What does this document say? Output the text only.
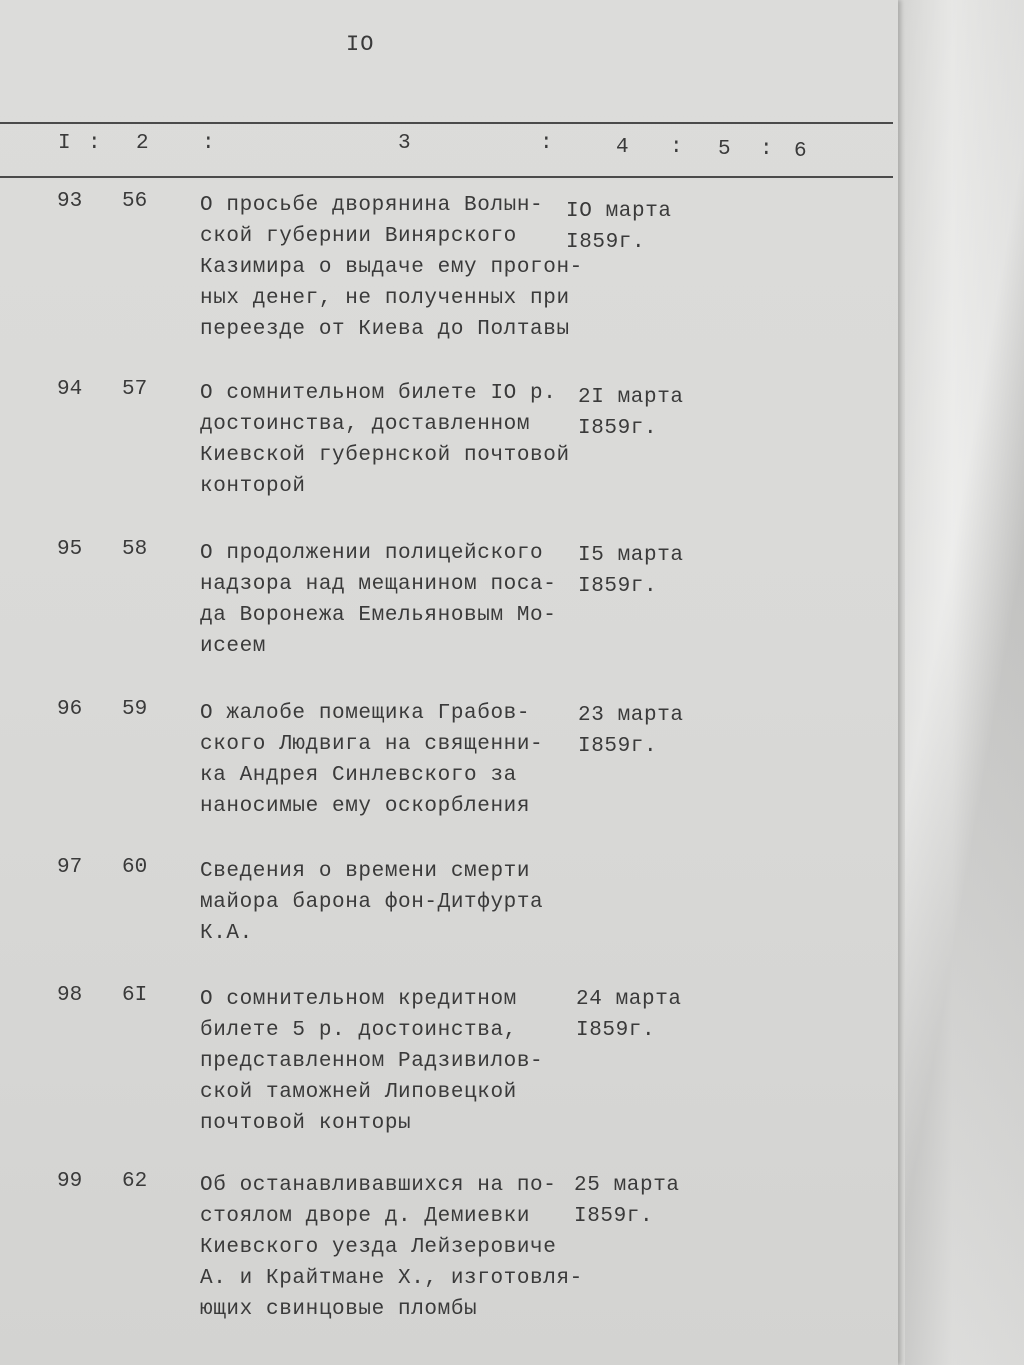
IO
I : 2 :	3	:	4 : 5 : 6
93 56	О просьбе дворянина Волын-
ской губернии Винярского
Казимира о выдаче ему прогон-
ных денег, не полученных при
переезде от Киева до Полтавы
IO марта
I859г.
94 57	О сомнительном билете IO р.
достоинства, доставленном
Киевской губернской почтовой
конторой
2I марта
I859г.
95 58	О продолжении полицейского
надзора над мещанином поса-
да Воронежа Емельяновым Мо-
исеем
I5 марта
I859г.
96 59	О жалобе помещика Грабов-
ского Людвига на священни-
ка Андрея Синлевского за
наносимые ему оскорбления
23 марта
I859г.
97 60	Сведения о времени смерти
майора барона фон-Дитфурта
К.А.
98 6I	О сомнительном кредитном
билете 5 р. достоинства,
представленном Радзивилов-
ской таможней Липовецкой
почтовой конторы
24 марта
I859г.
99 62	Об останавливавшихся на по-
стоялом дворе д. Демиевки
Киевского уезда Лейзеровиче
А. и Крайтмане Х., изготовля-
ющих свинцовые пломбы
25 марта
I859г.
